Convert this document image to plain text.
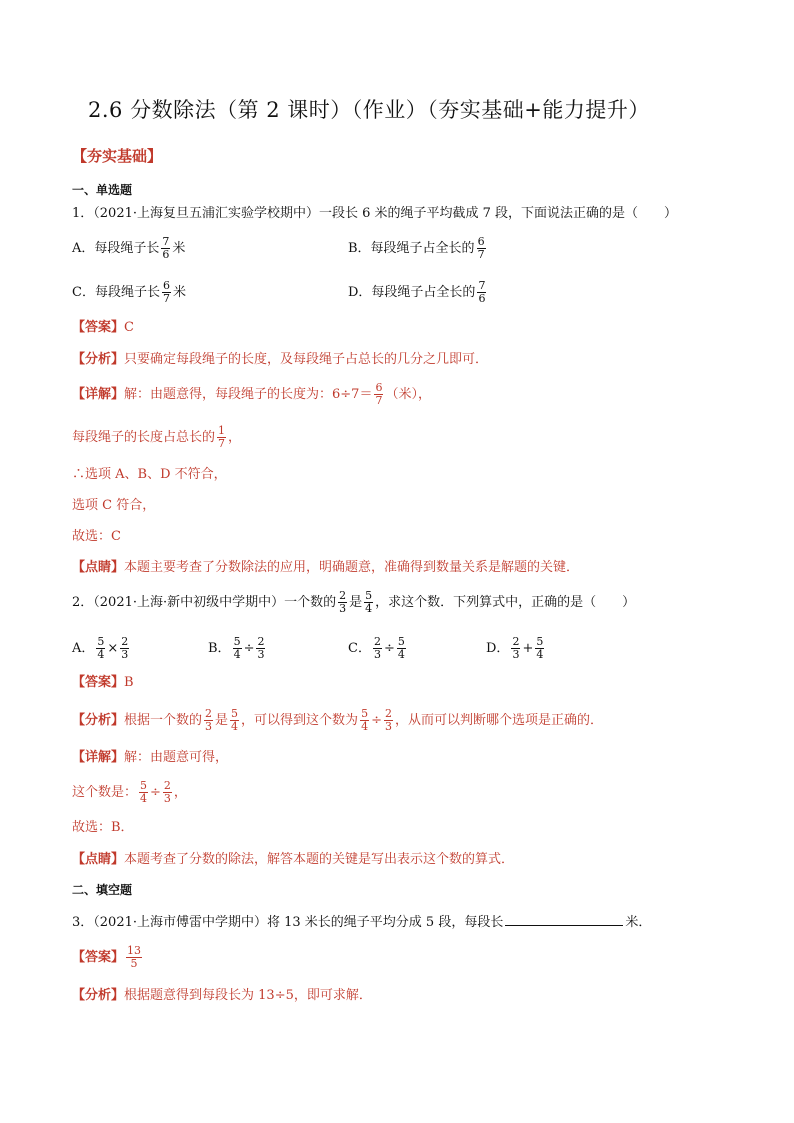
2.6 分数除法（第 2 课时）（作业）（夯实基础+能力提升）
【夯实基础】
一、单选题
1．（2021·上海复旦五浦汇实验学校期中）一段长 6 米的绳子平均截成 7 段，下面说法正确的是（　　）
A．每段绳子长 $\frac{7}{6}$ 米	B．每段绳子占全长的 $\frac{6}{7}$
C．每段绳子长 $\frac{6}{7}$ 米	D．每段绳子占全长的 $\frac{7}{6}$
【答案】C
【分析】只要确定每段绳子的长度，及每段绳子占总长的几分之几即可．
【详解】解：由题意得，每段绳子的长度为：$6\div 7= \frac{6}{7}$ （米），
每段绳子的长度占总长的 $\frac{1}{7}$ ，
∴选项 A、B、D 不符合，
选项 C 符合，
故选：C
【点睛】本题主要考查了分数除法的应用，明确题意，准确得到数量关系是解题的关键．
2．（2021·上海·新中初级中学期中）一个数的 $\frac{2}{3}$ 是 $\frac{5}{4}$ ，求这个数．下列算式中，正确的是（　　）
A． $\frac{5}{4} \times \frac{2}{3}$	B． $\frac{5}{4} \div \frac{2}{3}$	C． $\frac{2}{3} \div \frac{5}{4}$	D． $\frac{2}{3} + \frac{5}{4}$
【答案】B
【分析】根据一个数的 $\frac{2}{3}$ 是 $\frac{5}{4}$ ，可以得到这个数为 $\frac{5}{4} \div \frac{2}{3}$ ，从而可以判断哪个选项是正确的．
【详解】解：由题意可得，
这个数是： $\frac{5}{4} \div \frac{2}{3}$ ，
故选：B．
【点睛】本题考查了分数的除法，解答本题的关键是写出表示这个数的算式．
二、填空题
3．（2021·上海市傅雷中学期中）将 13 米长的绳子平均分成 5 段，每段长	米．
【答案】 $\frac{13}{5}$
【分析】根据题意得到每段长为 13÷5，即可求解．
